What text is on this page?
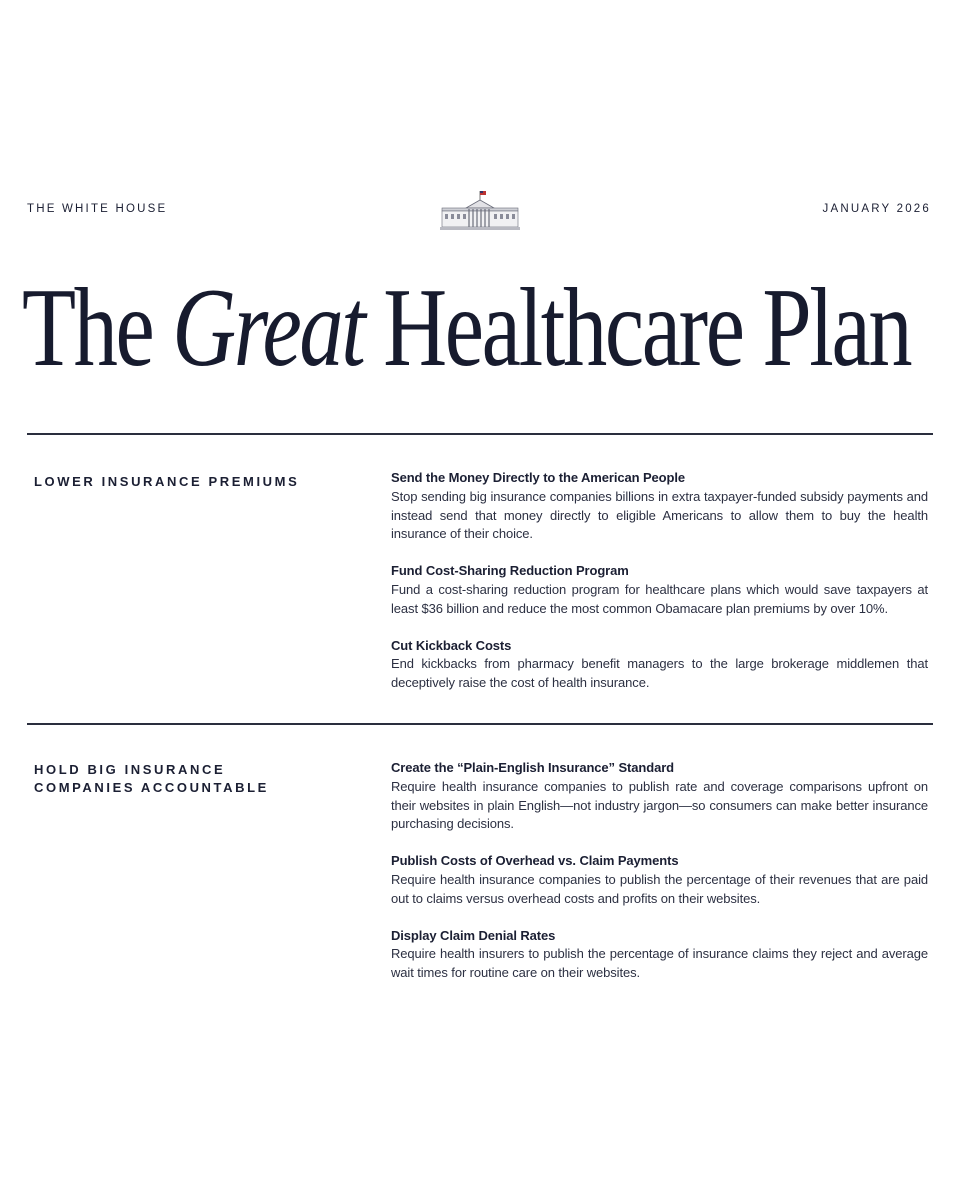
THE WHITE HOUSE	JANUARY 2026
The Great Healthcare Plan
LOWER INSURANCE PREMIUMS	Send the Money Directly to the American People
Stop sending big insurance companies billions in extra taxpayer-funded subsidy payments and instead send that money directly to eligible Americans to allow them to buy the health insurance of their choice.
Fund Cost-Sharing Reduction Program
Fund a cost-sharing reduction program for healthcare plans which would save taxpayers at least $36 billion and reduce the most common Obamacare plan premiums by over 10%.
Cut Kickback Costs
End kickbacks from pharmacy benefit managers to the large brokerage middlemen that deceptively raise the cost of health insurance.
HOLD BIG INSURANCE
COMPANIES ACCOUNTABLE
Create the “Plain-English Insurance” Standard
Require health insurance companies to publish rate and coverage comparisons upfront on their websites in plain English—not industry jargon—so consumers can make better insurance purchasing decisions.
Publish Costs of Overhead vs. Claim Payments
Require health insurance companies to publish the percentage of their revenues that are paid out to claims versus overhead costs and profits on their websites.
Display Claim Denial Rates
Require health insurers to publish the percentage of insurance claims they reject and average wait times for routine care on their websites.
